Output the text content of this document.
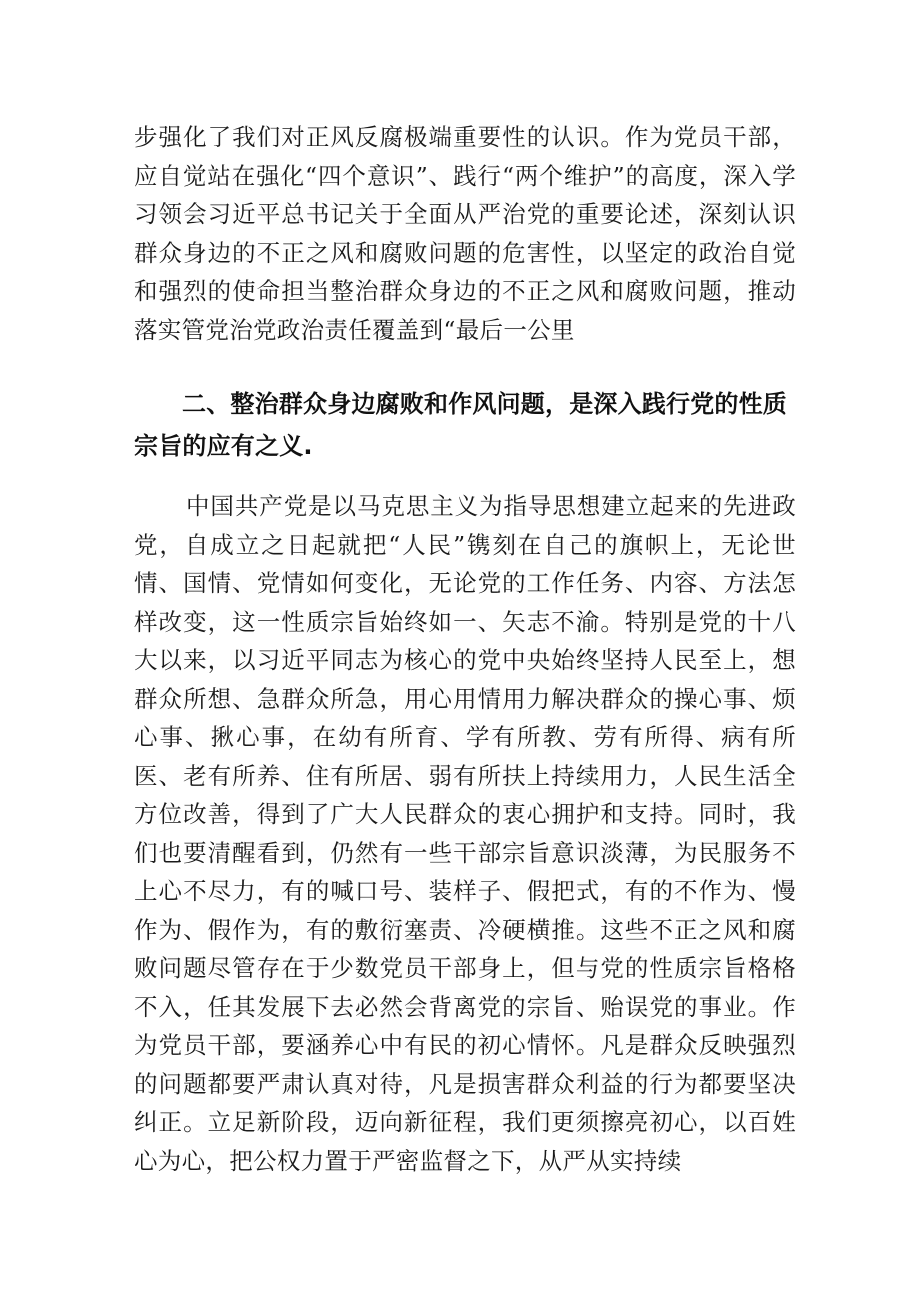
步强化了我们对正风反腐极端重要性的认识。作为党员干部，应自觉站在强化“四个意识”、践行“两个维护”的高度，深入学习领会习近平总书记关于全面从严治党的重要论述，深刻认识群众身边的不正之风和腐败问题的危害性，以坚定的政治自觉和强烈的使命担当整治群众身边的不正之风和腐败问题，推动落实管党治党政治责任覆盖到“最后一公里

二、整治群众身边腐败和作风问题，是深入践行党的性质宗旨的应有之义.

中国共产党是以马克思主义为指导思想建立起来的先进政党，自成立之日起就把“人民”镌刻在自己的旗帜上，无论世情、国情、党情如何变化，无论党的工作任务、内容、方法怎样改变，这一性质宗旨始终如一、矢志不渝。特别是党的十八大以来，以习近平同志为核心的党中央始终坚持人民至上，想群众所想、急群众所急，用心用情用力解决群众的操心事、烦心事、揪心事，在幼有所育、学有所教、劳有所得、病有所医、老有所养、住有所居、弱有所扶上持续用力，人民生活全方位改善，得到了广大人民群众的衷心拥护和支持。同时，我们也要清醒看到，仍然有一些干部宗旨意识淡薄，为民服务不上心不尽力，有的喊口号、装样子、假把式，有的不作为、慢作为、假作为，有的敷衍塞责、冷硬横推。这些不正之风和腐败问题尽管存在于少数党员干部身上，但与党的性质宗旨格格不入，任其发展下去必然会背离党的宗旨、贻误党的事业。作为党员干部，要涵养心中有民的初心情怀。凡是群众反映强烈的问题都要严肃认真对待，凡是损害群众利益的行为都要坚决纠正。立足新阶段，迈向新征程，我们更须擦亮初心，以百姓心为心，把公权力置于严密监督之下，从严从实持续
